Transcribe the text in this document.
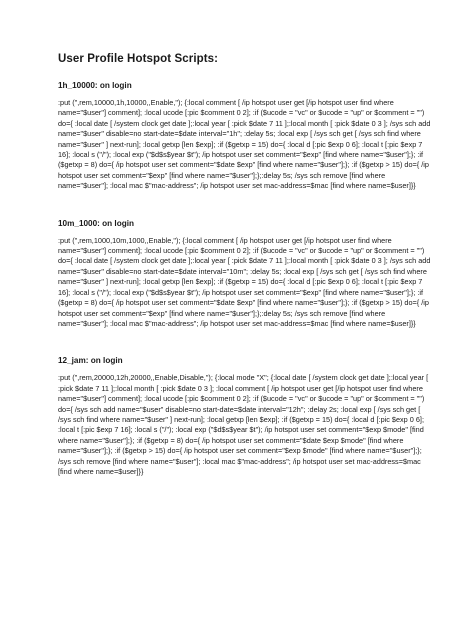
User Profile Hotspot Scripts:
1h_10000: on login

:put (",rem,10000,1h,10000,,Enable,"); {:local comment [ /ip hotspot user get [/ip hotspot user find where name="$user"] comment]; :local ucode [:pic $comment 0 2]; :if ($ucode = "vc" or $ucode = "up" or $comment = "") do={ :local date [ /system clock get date ];:local year [ :pick $date 7 11 ];:local month [ :pick $date 0 3 ]; /sys sch add name="$user" disable=no start-date=$date interval="1h"; :delay 5s; :local exp [ /sys sch get [ /sys sch find where name="$user" ] next-run]; :local getxp [len $exp]; :if ($getxp = 15) do={ :local d [:pic $exp 0 6]; :local t [:pic $exp 7 16]; :local s ("/"); :local exp ("$d$s$year $t"); /ip hotspot user set comment="$exp" [find where name="$user"];}; :if ($getxp = 8) do={ /ip hotspot user set comment="$date $exp" [find where name="$user"];}; :if ($getxp > 15) do={ /ip hotspot user set comment="$exp" [find where name="$user"];};:delay 5s; /sys sch remove [find where name="$user"]; :local mac $"mac-address"; /ip hotspot user set mac-address=$mac [find where name=$user]}}

10m_1000: on login

:put (",rem,1000,10m,1000,,Enable,"); {:local comment [ /ip hotspot user get [/ip hotspot user find where name="$user"] comment]; :local ucode [:pic $comment 0 2]; :if ($ucode = "vc" or $ucode = "up" or $comment = "") do={ :local date [ /system clock get date ];:local year [ :pick $date 7 11 ];:local month [ :pick $date 0 3 ]; /sys sch add name="$user" disable=no start-date=$date interval="10m"; :delay 5s; :local exp [ /sys sch get [ /sys sch find where name="$user" ] next-run]; :local getxp [len $exp]; :if ($getxp = 15) do={ :local d [:pic $exp 0 6]; :local t [:pic $exp 7 16]; :local s ("/"); :local exp ("$d$s$year $t"); /ip hotspot user set comment="$exp" [find where name="$user"];}; :if ($getxp = 8) do={ /ip hotspot user set comment="$date $exp" [find where name="$user"];}; :if ($getxp > 15) do={ /ip hotspot user set comment="$exp" [find where name="$user"];};:delay 5s; /sys sch remove [find where name="$user"]; :local mac $"mac-address"; /ip hotspot user set mac-address=$mac [find where name=$user]}}

12_jam: on login

:put (",rem,20000,12h,20000,,Enable,Disable,"); {:local mode "X"; {:local date [ /system clock get date ];:local year [ :pick $date 7 11 ];:local month [ :pick $date 0 3 ]; :local comment [ /ip hotspot user get [/ip hotspot user find where name="$user"] comment]; :local ucode [:pic $comment 0 2]; :if ($ucode = "vc" or $ucode = "up" or $comment = "") do={ /sys sch add name="$user" disable=no start-date=$date interval="12h"; :delay 2s; :local exp [ /sys sch get [ /sys sch find where name="$user" ] next-run]; :local getxp [len $exp]; :if ($getxp = 15) do={ :local d [:pic $exp 0 6]; :local t [:pic $exp 7 16]; :local s ("/"); :local exp ("$d$s$year $t"); /ip hotspot user set comment="$exp $mode" [find where name="$user"];}; :if ($getxp = 8) do={ /ip hotspot user set comment="$date $exp $mode" [find where name="$user"];}; :if ($getxp > 15) do={ /ip hotspot user set comment="$exp $mode" [find where name="$user"];}; /sys sch remove [find where name="$user"]; :local mac $"mac-address"; /ip hotspot user set mac-address=$mac [find where name=$user]}}
